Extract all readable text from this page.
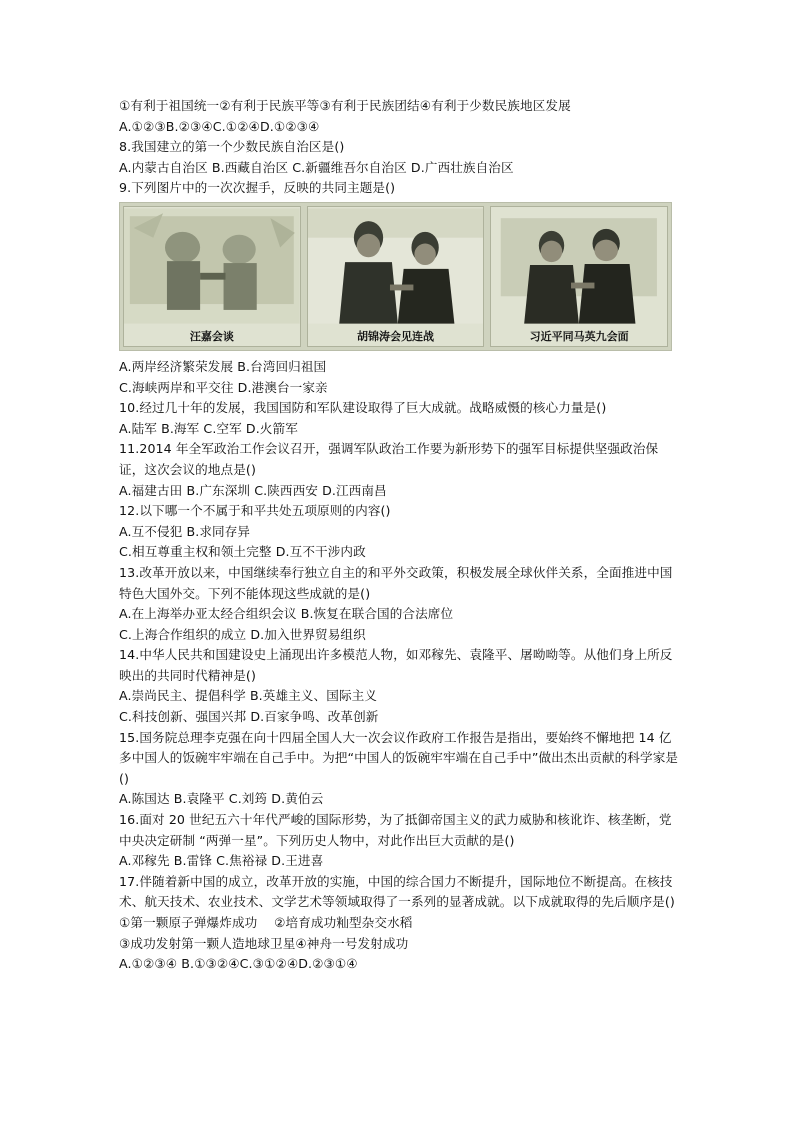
①有利于祖国统一②有利于民族平等③有利于民族团结④有利于少数民族地区发展
A.①②③B.②③④C.①②④D.①②③④
8.我国建立的第一个少数民族自治区是()
A.内蒙古自治区 B.西藏自治区 C.新疆维吾尔自治区 D.广西壮族自治区
9.下列图片中的一次次握手，反映的共同主题是()
汪嘉会谈	胡锦涛会见连战	习近平同马英九会面
A.两岸经济繁荣发展 B.台湾回归祖国
C.海峡两岸和平交往 D.港澳台一家亲
10.经过几十年的发展，我国国防和军队建设取得了巨大成就。战略威慑的核心力量是()
A.陆军 B.海军 C.空军 D.火箭军
11.2014 年全军政治工作会议召开，强调军队政治工作要为新形势下的强军目标提供坚强政治保证，这次会议的地点是()
A.福建古田 B.广东深圳 C.陕西西安 D.江西南昌
12.以下哪一个不属于和平共处五项原则的内容()
A.互不侵犯 B.求同存异
C.相互尊重主权和领土完整 D.互不干涉内政
13.改革开放以来，中国继续奉行独立自主的和平外交政策，积极发展全球伙伴关系，全面推进中国特色大国外交。下列不能体现这些成就的是()
A.在上海举办亚太经合组织会议 B.恢复在联合国的合法席位
C.上海合作组织的成立 D.加入世界贸易组织
14.中华人民共和国建设史上涌现出许多模范人物，如邓稼先、袁隆平、屠呦呦等。从他们身上所反映出的共同时代精神是()
A.崇尚民主、提倡科学 B.英雄主义、国际主义
C.科技创新、强国兴邦 D.百家争鸣、改革创新
15.国务院总理李克强在向十四届全国人大一次会议作政府工作报告是指出，要始终不懈地把 14 亿多中国人的饭碗牢牢端在自己手中。为把“中国人的饭碗牢牢端在自己手中”做出杰出贡献的科学家是()
A.陈国达 B.袁隆平 C.刘筠 D.黄伯云
16.面对 20 世纪五六十年代严峻的国际形势，为了抵御帝国主义的武力威胁和核讹诈、核垄断，党中央决定研制 “两弹一星”。下列历史人物中，对此作出巨大贡献的是()
A.邓稼先 B.雷锋 C.焦裕禄 D.王进喜
17.伴随着新中国的成立，改革开放的实施，中国的综合国力不断提升，国际地位不断提高。在核技术、航天技术、农业技术、文学艺术等领域取得了一系列的显著成就。以下成就取得的先后顺序是()
①第一颗原子弹爆炸成功　 ②培育成功籼型杂交水稻
③成功发射第一颗人造地球卫星④神舟一号发射成功
A.①②③④ B.①③②④C.③①②④D.②③①④
